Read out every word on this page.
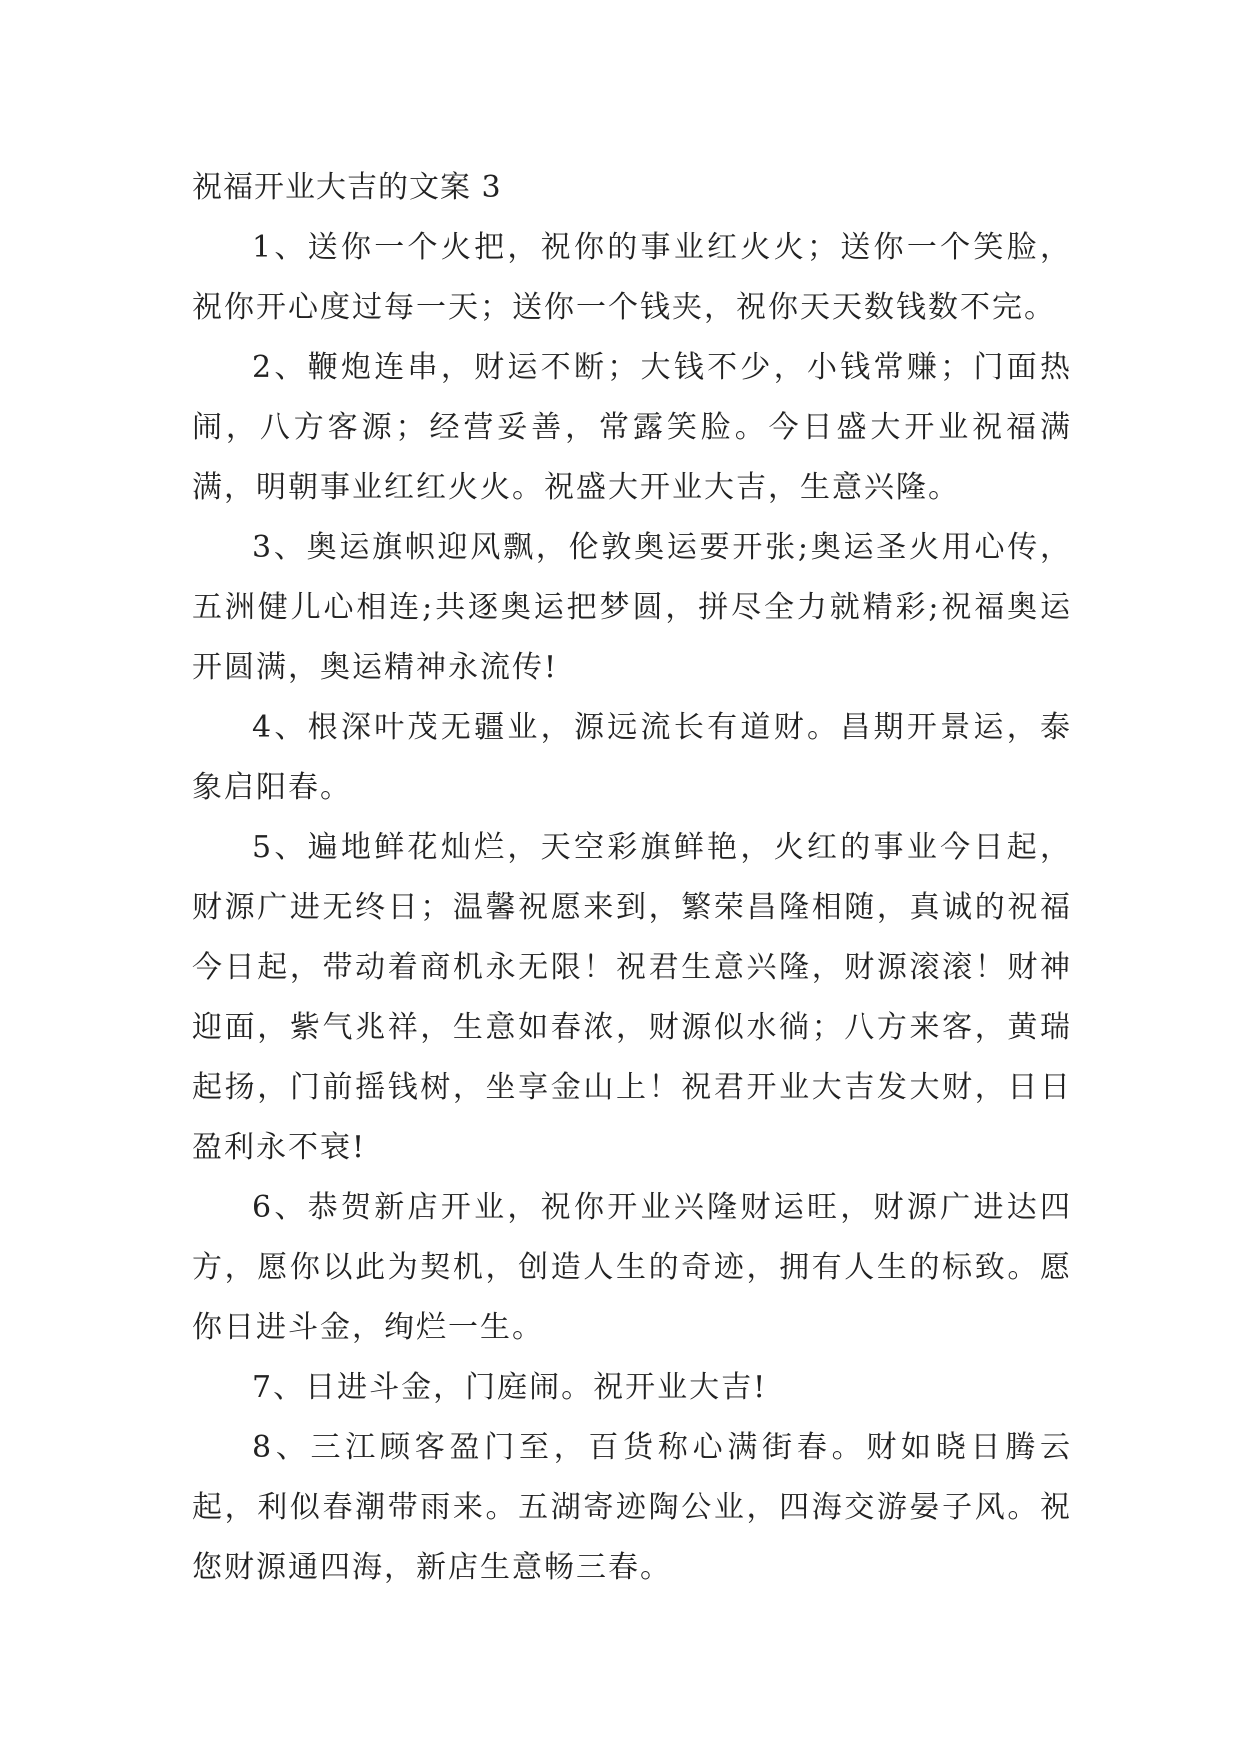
祝福开业大吉的文案 3

1、送你一个火把，祝你的事业红火火；送你一个笑脸，祝你开心度过每一天；送你一个钱夹，祝你天天数钱数不完。

2、鞭炮连串，财运不断；大钱不少，小钱常赚；门面热闹，八方客源；经营妥善，常露笑脸。今日盛大开业祝福满满，明朝事业红红火火。祝盛大开业大吉，生意兴隆。

3、奥运旗帜迎风飘，伦敦奥运要开张;奥运圣火用心传，五洲健儿心相连;共逐奥运把梦圆，拼尽全力就精彩;祝福奥运开圆满，奥运精神永流传!

4、根深叶茂无疆业，源远流长有道财。昌期开景运，泰象启阳春。

5、遍地鲜花灿烂，天空彩旗鲜艳，火红的事业今日起，财源广进无终日；温馨祝愿来到，繁荣昌隆相随，真诚的祝福今日起，带动着商机永无限！祝君生意兴隆，财源滚滚！财神迎面，紫气兆祥，生意如春浓，财源似水徜；八方来客，黄瑞起扬，门前摇钱树，坐享金山上！祝君开业大吉发大财，日日盈利永不衰!

6、恭贺新店开业，祝你开业兴隆财运旺，财源广进达四方，愿你以此为契机，创造人生的奇迹，拥有人生的标致。愿你日进斗金，绚烂一生。

7、日进斗金，门庭闹。祝开业大吉!

8、三江顾客盈门至，百货称心满街春。财如晓日腾云起，利似春潮带雨来。五湖寄迹陶公业，四海交游晏子风。祝您财源通四海，新店生意畅三春。
